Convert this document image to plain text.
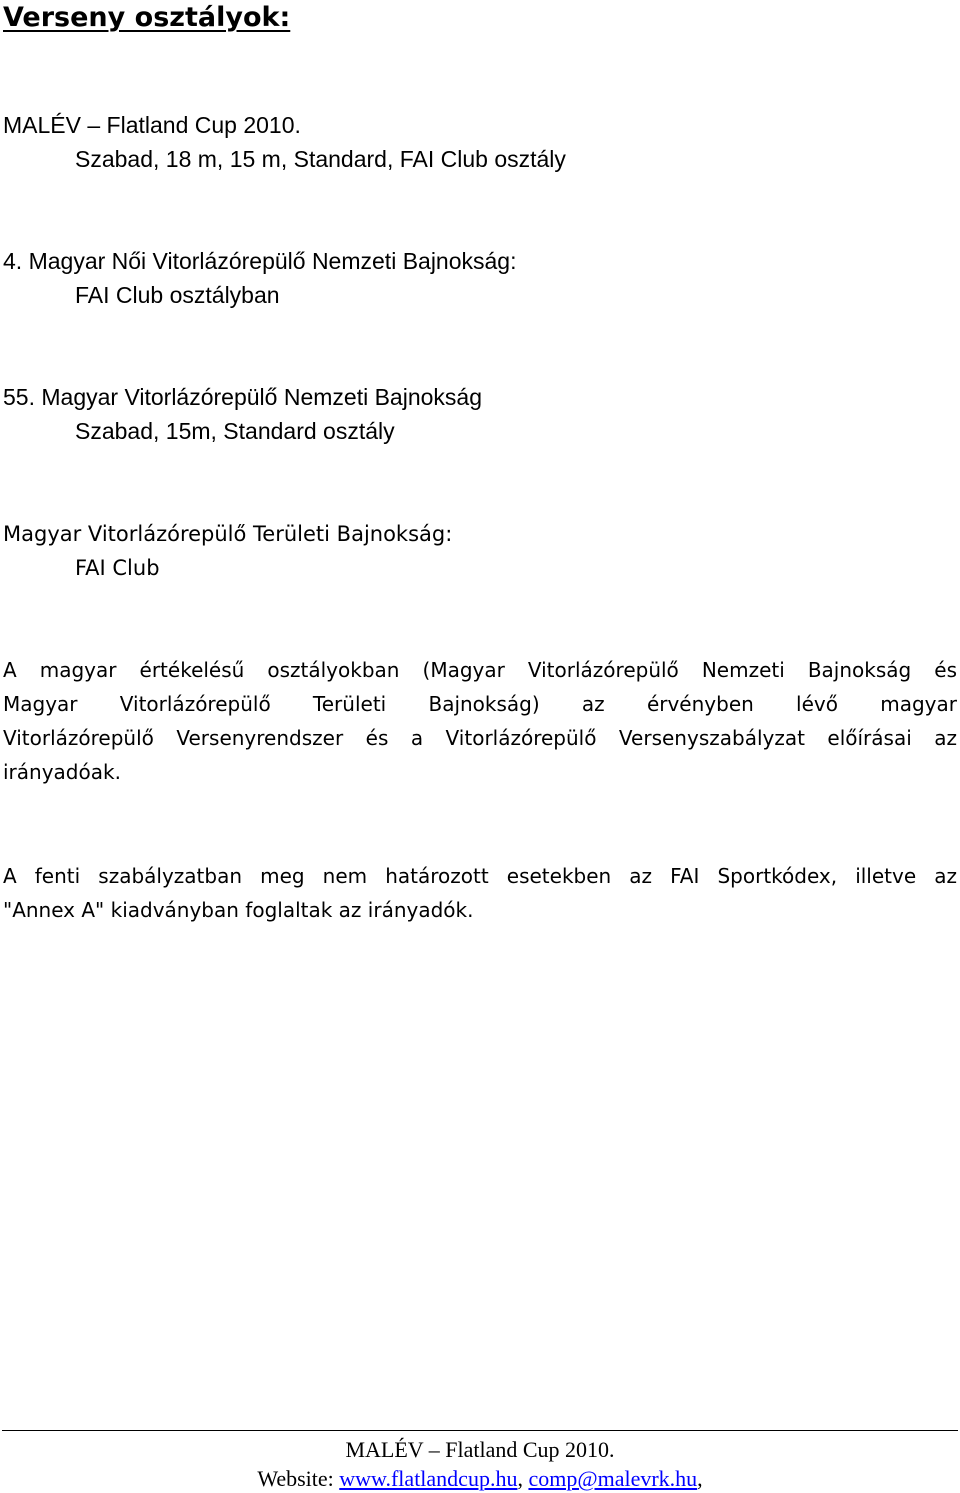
Verseny osztályok:

MALÉV – Flatland Cup 2010.

Szabad, 18 m, 15 m, Standard, FAI Club osztály

4. Magyar Női Vitorlázórepülő Nemzeti Bajnokság:

FAI Club osztályban

55. Magyar Vitorlázórepülő Nemzeti Bajnokság

Szabad, 15m, Standard osztály

Magyar Vitorlázórepülő Területi Bajnokság:

FAI Club

A magyar értékelésű osztályokban (Magyar Vitorlázórepülő Nemzeti Bajnokság és
Magyar Vitorlázórepülő Területi Bajnokság) az érvényben lévő magyar
Vitorlázórepülő Versenyrendszer és a Vitorlázórepülő Versenyszabályzat előírásai az
irányadóak.
A fenti szabályzatban meg nem határozott esetekben az FAI Sportkódex, illetve az
"Annex A" kiadványban foglaltak az irányadók.

MALÉV – Flatland Cup 2010.

Website: www.flatlandcup.hu, comp@malevrk.hu,
